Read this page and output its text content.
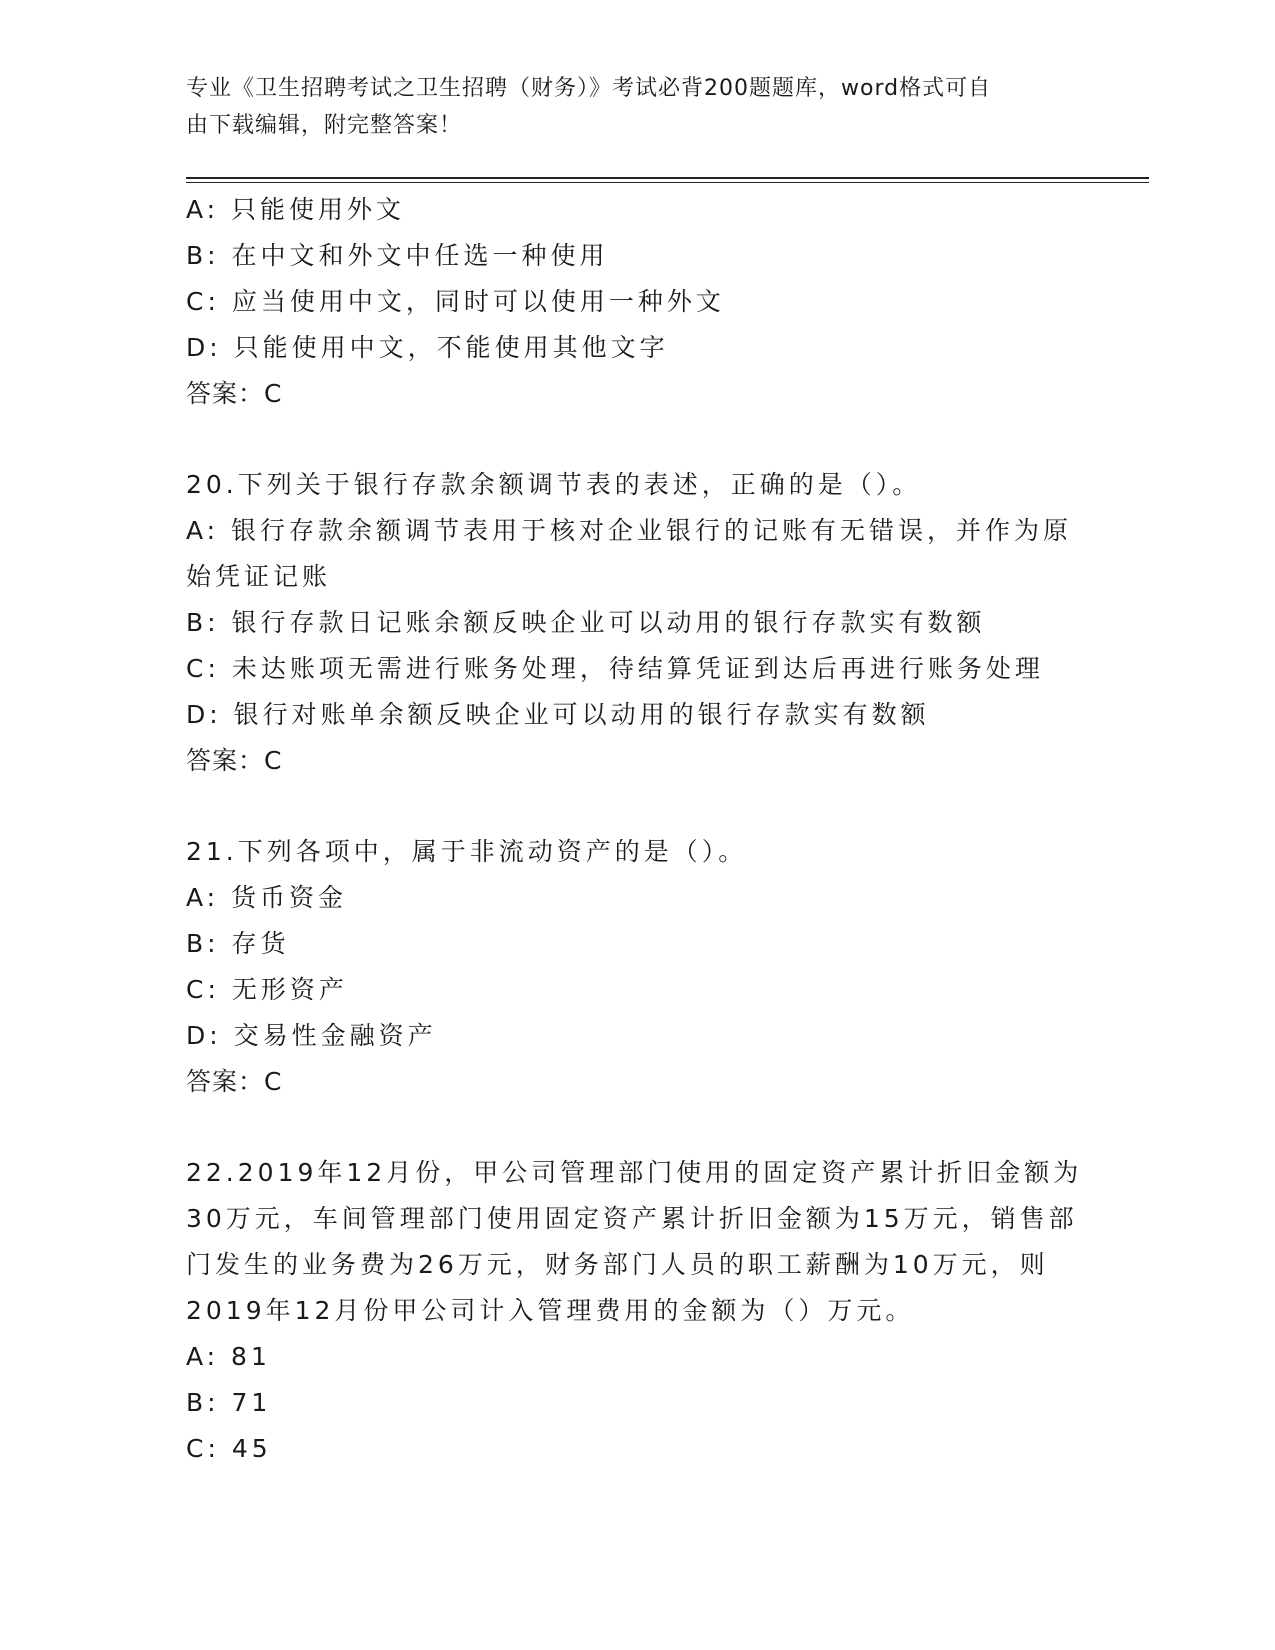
专业《卫生招聘考试之卫生招聘（财务）》考试必背200题题库，word格式可自
由下载编辑，附完整答案！
A: 只能使用外文
B: 在中文和外文中任选一种使用
C: 应当使用中文，同时可以使用一种外文
D: 只能使用中文，不能使用其他文字
答案：C
20.下列关于银行存款余额调节表的表述，正确的是（）。
A: 银行存款余额调节表用于核对企业银行的记账有无错误，并作为原
始凭证记账
B: 银行存款日记账余额反映企业可以动用的银行存款实有数额
C: 未达账项无需进行账务处理，待结算凭证到达后再进行账务处理
D: 银行对账单余额反映企业可以动用的银行存款实有数额
答案：C
21.下列各项中，属于非流动资产的是（）。
A: 货币资金
B: 存货
C: 无形资产
D: 交易性金融资产
答案：C
22.2019年12月份，甲公司管理部门使用的固定资产累计折旧金额为
30万元，车间管理部门使用固定资产累计折旧金额为15万元，销售部
门发生的业务费为26万元，财务部门人员的职工薪酬为10万元，则
2019年12月份甲公司计入管理费用的金额为（）万元。
A: 81
B: 71
C: 45
